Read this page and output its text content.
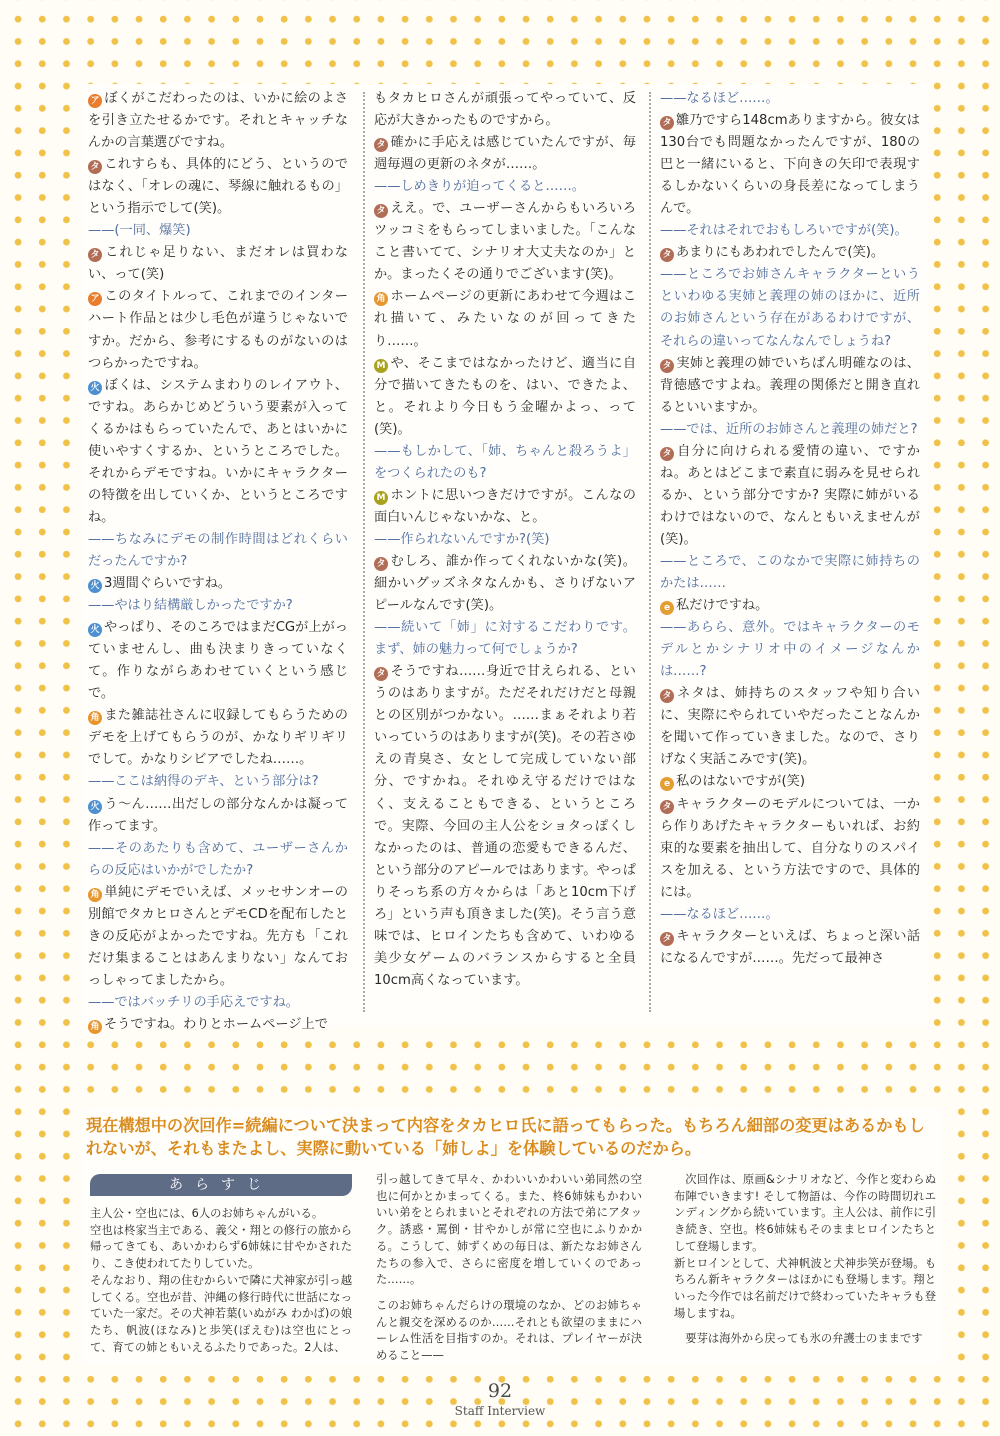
ア ぼくがこだわったのは、いかに絵のよさを引き立たせるかです。それとキャッチなんかの言葉選びですね。

タ これすらも、具体的にどう、というのではなく、「オレの魂に、琴線に触れるもの」という指示でして(笑)。

——(一同、爆笑)

タ これじゃ足りない、まだオレは買わない、って(笑)

ア このタイトルって、これまでのインターハート作品とは少し毛色が違うじゃないですか。だから、参考にするものがないのはつらかったですね。

火 ぼくは、システムまわりのレイアウト、ですね。あらかじめどういう要素が入ってくるかはもらっていたんで、あとはいかに使いやすくするか、というところでした。それからデモですね。いかにキャラクターの特徴を出していくか、というところですね。

——ちなみにデモの制作時間はどれくらいだったんですか?

火 3週間ぐらいですね。

——やはり結構厳しかったですか?

火 やっぱり、そのころではまだCGが上がっていませんし、曲も決まりきっていなくて。作りながらあわせていくという感じで。

角 また雑誌社さんに収録してもらうためのデモを上げてもらうのが、かなりギリギリでして。かなりシビアでしたね……。

——ここは納得のデキ、という部分は?

火 う〜ん……出だしの部分なんかは凝って作ってます。

——そのあたりも含めて、ユーザーさんからの反応はいかがでしたか?

角 単純にデモでいえば、メッセサンオーの別館でタカヒロさんとデモCDを配布したときの反応がよかったですね。先方も「これだけ集まることはあんまりない」なんておっしゃってましたから。

——ではバッチリの手応えですね。

角 そうですね。わりとホームページ上で

もタカヒロさんが頑張ってやっていて、反応が大きかったものですから。

タ 確かに手応えは感じていたんですが、毎週毎週の更新のネタが……。

——しめきりが迫ってくると……。

タ ええ。で、ユーザーさんからもいろいろツッコミをもらってしまいました。「こんなこと書いてて、シナリオ大丈夫なのか」とか。まったくその通りでございます(笑)。

角 ホームページの更新にあわせて今週はこれ描いて、みたいなのが回ってきたり……。

M や、そこまではなかったけど、適当に自分で描いてきたものを、はい、できたよ、と。それより今日もう金曜かよっ、って(笑)。

——もしかして、「姉、ちゃんと殺ろうよ」をつくられたのも?

M ホントに思いつきだけですが。こんなの面白いんじゃないかな、と。

——作られないんですか?(笑)

タ むしろ、誰か作ってくれないかな(笑)。細かいグッズネタなんかも、さりげないアピールなんです(笑)。

——続いて「姉」に対するこだわりです。まず、姉の魅力って何でしょうか?

タ そうですね……身近で甘えられる、というのはありますが。ただそれだけだと母親との区別がつかない。……まぁそれより若いっていうのはありますが(笑)。その若さゆえの青臭さ、女として完成していない部分、ですかね。それゆえ守るだけではなく、支えることもできる、というところで。実際、今回の主人公をショタっぽくしなかったのは、普通の恋愛もできるんだ、という部分のアピールではあります。やっぱりそっち系の方々からは「あと10cm下げろ」という声も頂きました(笑)。そう言う意味では、ヒロインたちも含めて、いわゆる美少女ゲームのバランスからすると全員10cm高くなっています。

——なるほど……。

タ 雛乃ですら148cmありますから。彼女は130台でも問題なかったんですが、180の巴と一緒にいると、下向きの矢印で表現するしかないくらいの身長差になってしまうんで。

——それはそれでおもしろいですが(笑)。

タ あまりにもあわれでしたんで(笑)。

——ところでお姉さんキャラクターというといわゆる実姉と義理の姉のほかに、近所のお姉さんという存在があるわけですが、それらの違いってなんなんでしょうね?

タ 実姉と義理の姉でいちばん明確なのは、背徳感ですよね。義理の関係だと開き直れるといいますか。

——では、近所のお姉さんと義理の姉だと?

タ 自分に向けられる愛情の違い、ですかね。あとはどこまで素直に弱みを見せられるか、という部分ですか? 実際に姉がいるわけではないので、なんともいえませんが(笑)。

——ところで、このなかで実際に姉持ちのかたは……

e 私だけですね。

——あらら、意外。ではキャラクターのモデルとかシナリオ中のイメージなんかは……?

タ ネタは、姉持ちのスタッフや知り合いに、実際にやられていやだったことなんかを聞いて作っていきました。なので、さりげなく実話こみです(笑)。

e 私のはないですが(笑)

タ キャラクターのモデルについては、一から作りあげたキャラクターもいれば、お約束的な要素を抽出して、自分なりのスパイスを加える、という方法ですので、具体的には。

——なるほど……。

タ キャラクターといえば、ちょっと深い話になるんですが……。先だって最神さ

現在構想中の次回作=続編について決まって内容をタカヒロ氏に語ってもらった。もちろん細部の変更はあるかもしれないが、それもまたよし、実際に動いている「姉しよ」を体験しているのだから。

あらすじ

主人公・空也には、6人のお姉ちゃんがいる。

空也は柊家当主である、義父・翔との修行の旅から帰ってきても、あいかわらず6姉妹に甘やかされたり、こき使われてたりしていた。

そんなおり、翔の住むからいで隣に犬神家が引っ越してくる。空也が昔、沖縄の修行時代に世話になっていた一家だ。その犬神若葉(いぬがみ わかば)の娘たち、帆波(ほなみ)と歩笑(ぽえむ)は空也にとって、育ての姉ともいえるふたりであった。2人は、

引っ越してきて早々、かわいいかわいい弟同然の空也に何かとかまってくる。また、柊6姉妹もかわいいい弟をとられまいとそれぞれの方法で弟にアタック。誘惑・罵倒・甘やかしが常に空也にふりかかる。こうして、姉ずくめの毎日は、新たなお姉さんたちの参入で、さらに密度を増していくのであった……。

このお姉ちゃんだらけの環境のなか、どのお姉ちゃんと親交を深めるのか……それとも欲望のままにハーレム性活を目指すのか。それは、プレイヤーが決めること——

次回作は、原画&シナリオなど、今作と変わらぬ布陣でいきます! そして物語は、今作の時間切れエンディングから続いています。主人公は、前作に引き続き、空也。柊6姉妹もそのままヒロインたちとして登場します。

新ヒロインとして、犬神帆波と犬神歩笑が登場。もちろん新キャラクターはほかにも登場します。翔といった今作では名前だけで終わっていたキャラも登場しますね。

要芽は海外から戻っても氷の弁護士のままです

92
Staff Interview
